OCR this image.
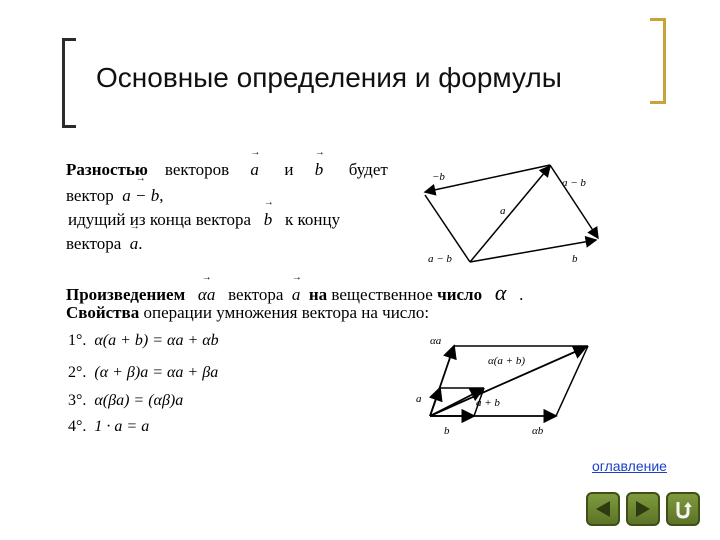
Основные определения и формулы
Разностью векторов → a и → b будет
вектор → a − b,
идущий из конца вектора → b к концу
вектора → a.
−b	a − b
a
a − b	b
Произведением → αa вектора → a на вещественное число α .
Свойства операции умножения вектора на число:
1°. α(a + b) = αa + αb
2°. (α + β)a = αa + βa
3°. α(βa) = (αβ)a
4°. 1 · a = a
αa
α(a + b)
a	a + b
b	αb
оглавление
